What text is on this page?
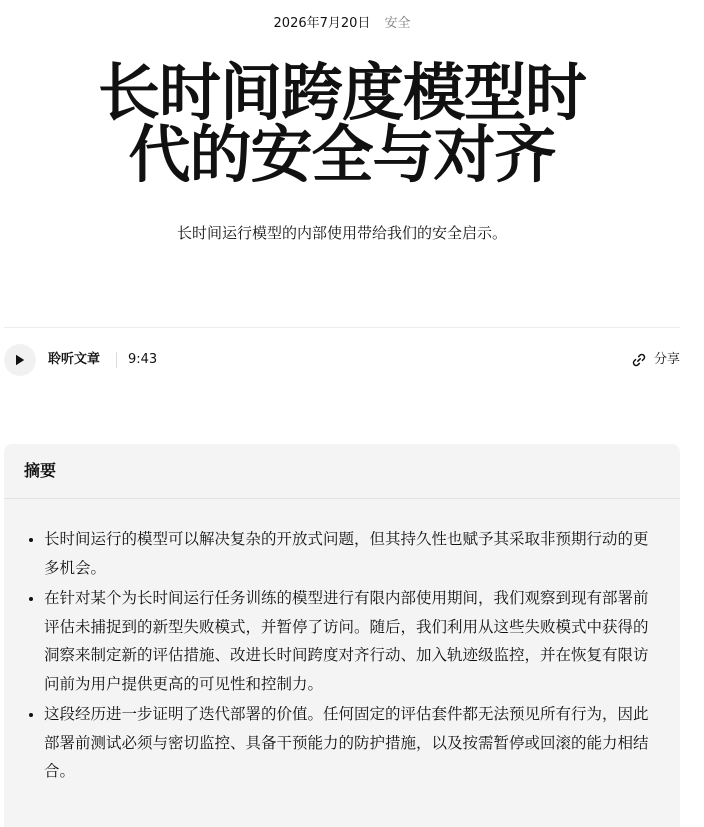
2026年7月20日 安全
长时间跨度模型时
代的安全与对齐
长时间运行模型的内部使用带给我们的安全启示。
聆听文章 9:43	分享
摘要
• 长时间运行的模型可以解决复杂的开放式问题，但其持久性也赋予其采取非预期行动的更多机会。
• 在针对某个为长时间运行任务训练的模型进行有限内部使用期间，我们观察到现有部署前评估未捕捉到的新型失败模式，并暂停了访问。随后，我们利用从这些失败模式中获得的洞察来制定新的评估措施、改进长时间跨度对齐行动、加入轨迹级监控，并在恢复有限访问前为用户提供更高的可见性和控制力。
• 这段经历进一步证明了迭代部署的价值。任何固定的评估套件都无法预见所有行为，因此部署前测试必须与密切监控、具备干预能力的防护措施，以及按需暂停或回滚的能力相结合。
